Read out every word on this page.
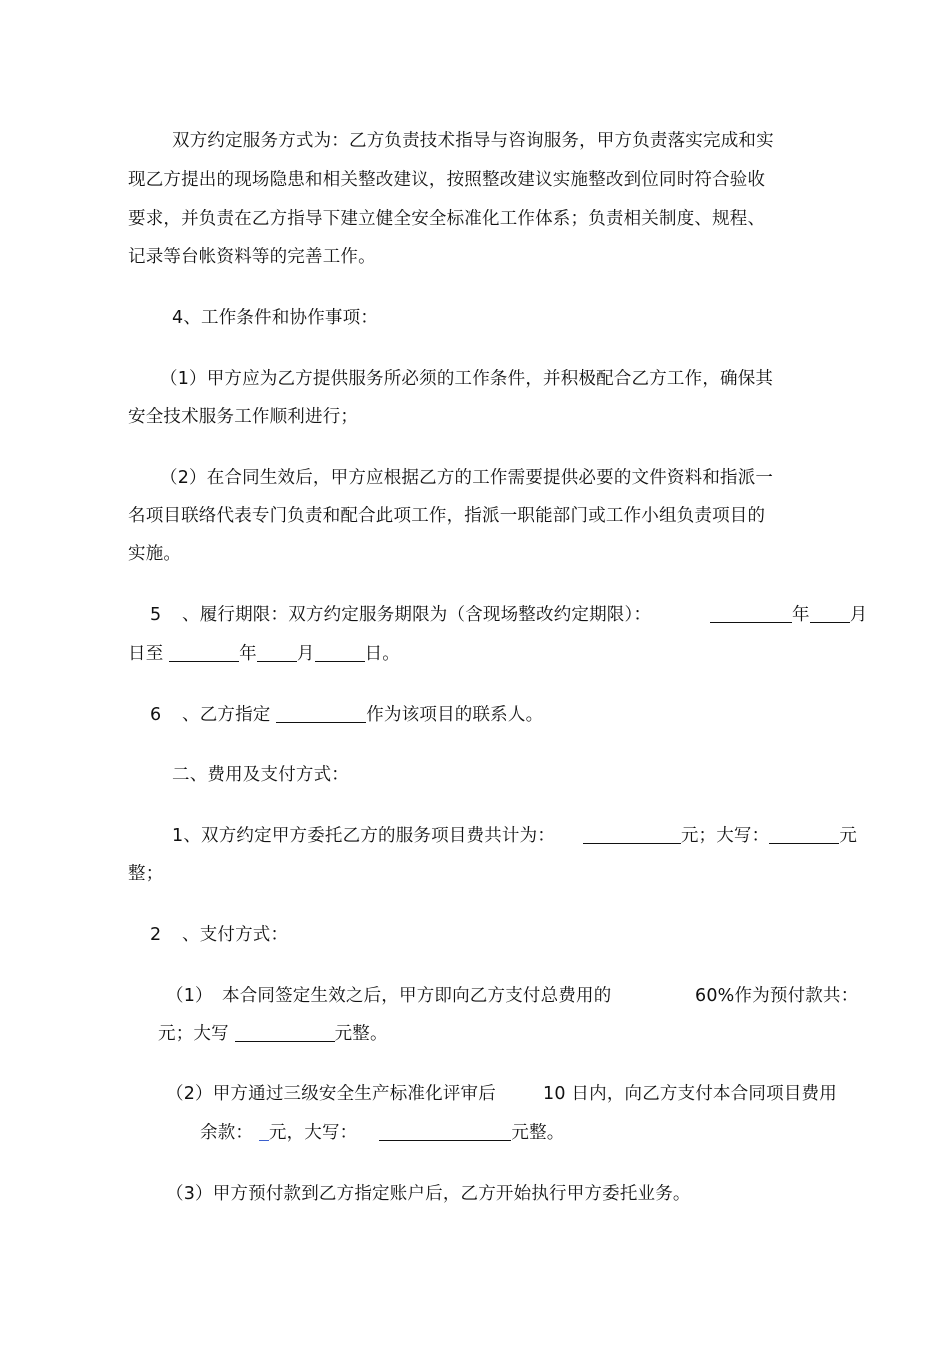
双方约定服务方式为：乙方负责技术指导与咨询服务，甲方负责落实完成和实
现乙方提出的现场隐患和相关整改建议，按照整改建议实施整改到位同时符合验收
要求，并负责在乙方指导下建立健全安全标准化工作体系；负责相关制度、规程、
记录等台帐资料等的完善工作。
4、工作条件和协作事项：
（1）甲方应为乙方提供服务所必须的工作条件，并积极配合乙方工作，确保其
安全技术服务工作顺利进行；
（2）在合同生效后，甲方应根据乙方的工作需要提供必要的文件资料和指派一
名项目联络代表专门负责和配合此项工作，指派一职能部门或工作小组负责项目的
实施。
5 、履行期限：双方约定服务期限为（含现场整改约定期限）：	年 月
日至	年 月	日。
6 、乙方指定	作为该项目的联系人。
二、费用及支付方式：
1、双方约定甲方委托乙方的服务项目费共计为：	元；大写：	元
整；
2 、支付方式：
（1） 本合同签定生效之后，甲方即向乙方支付总费用的	60%作为预付款共：
元；大写	元整。
（2）甲方通过三级安全生产标准化评审后	10 日内，向乙方支付本合同项目费用
余款： 元，大写：	元整。
（3）甲方预付款到乙方指定账户后，乙方开始执行甲方委托业务。
